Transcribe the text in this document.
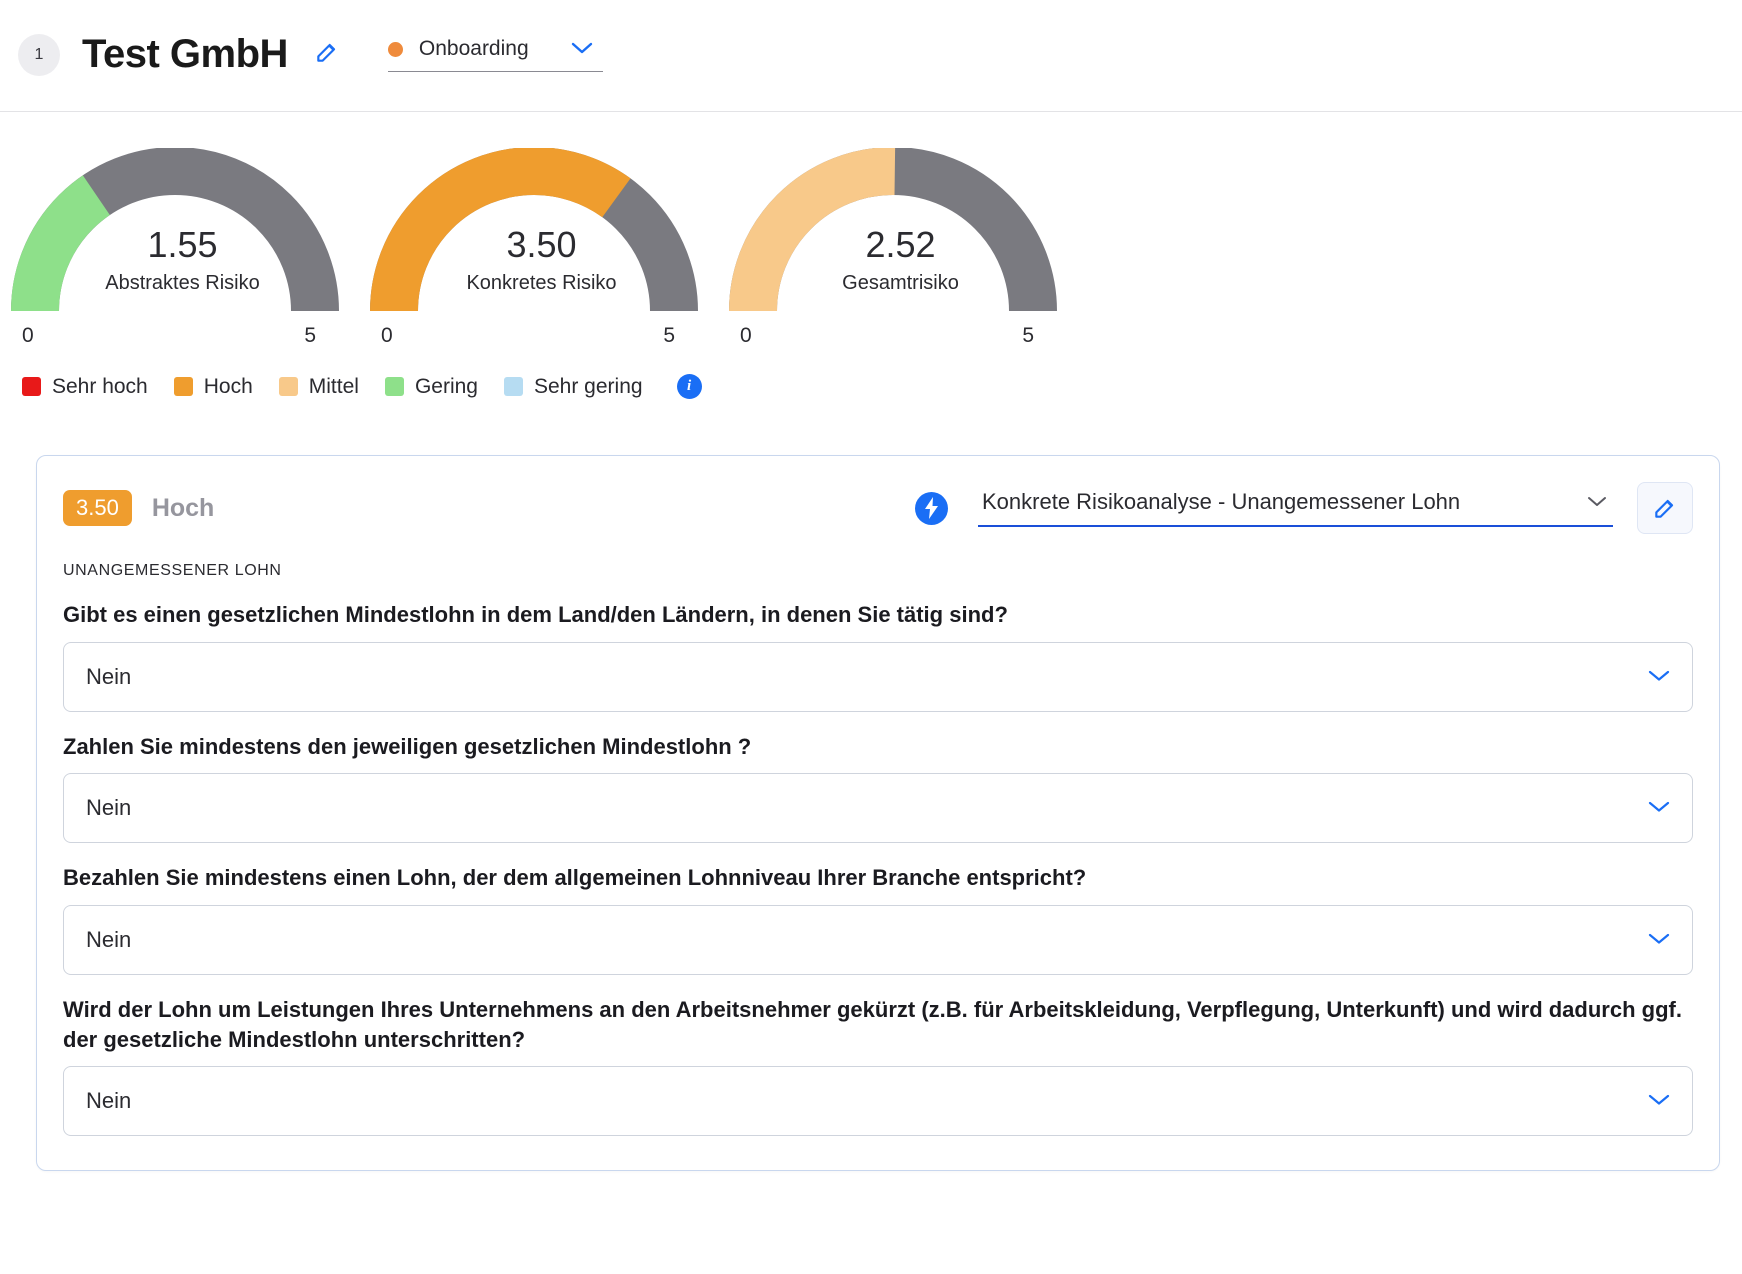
1 Test GmbH	Onboarding
1.55
Abstraktes Risiko
0	5
3.50
Konkretes Risiko
0	5
2.52
Gesamtrisiko
0	5
Sehr hoch	Hoch	Mittel	Gering	Sehr gering	i
3.50	Hoch	Konkrete Risikoanalyse - Unangemessener Lohn
UNANGEMESSENER LOHN
Gibt es einen gesetzlichen Mindestlohn in dem Land/den Ländern, in denen Sie tätig sind?
Nein
Zahlen Sie mindestens den jeweiligen gesetzlichen Mindestlohn ?
Nein
Bezahlen Sie mindestens einen Lohn, der dem allgemeinen Lohnniveau Ihrer Branche entspricht?
Nein
Wird der Lohn um Leistungen Ihres Unternehmens an den Arbeitsnehmer gekürzt (z.B. für Arbeitskleidung, Verpflegung, Unterkunft) und wird dadurch ggf. der gesetzliche Mindestlohn unterschritten?
Nein
